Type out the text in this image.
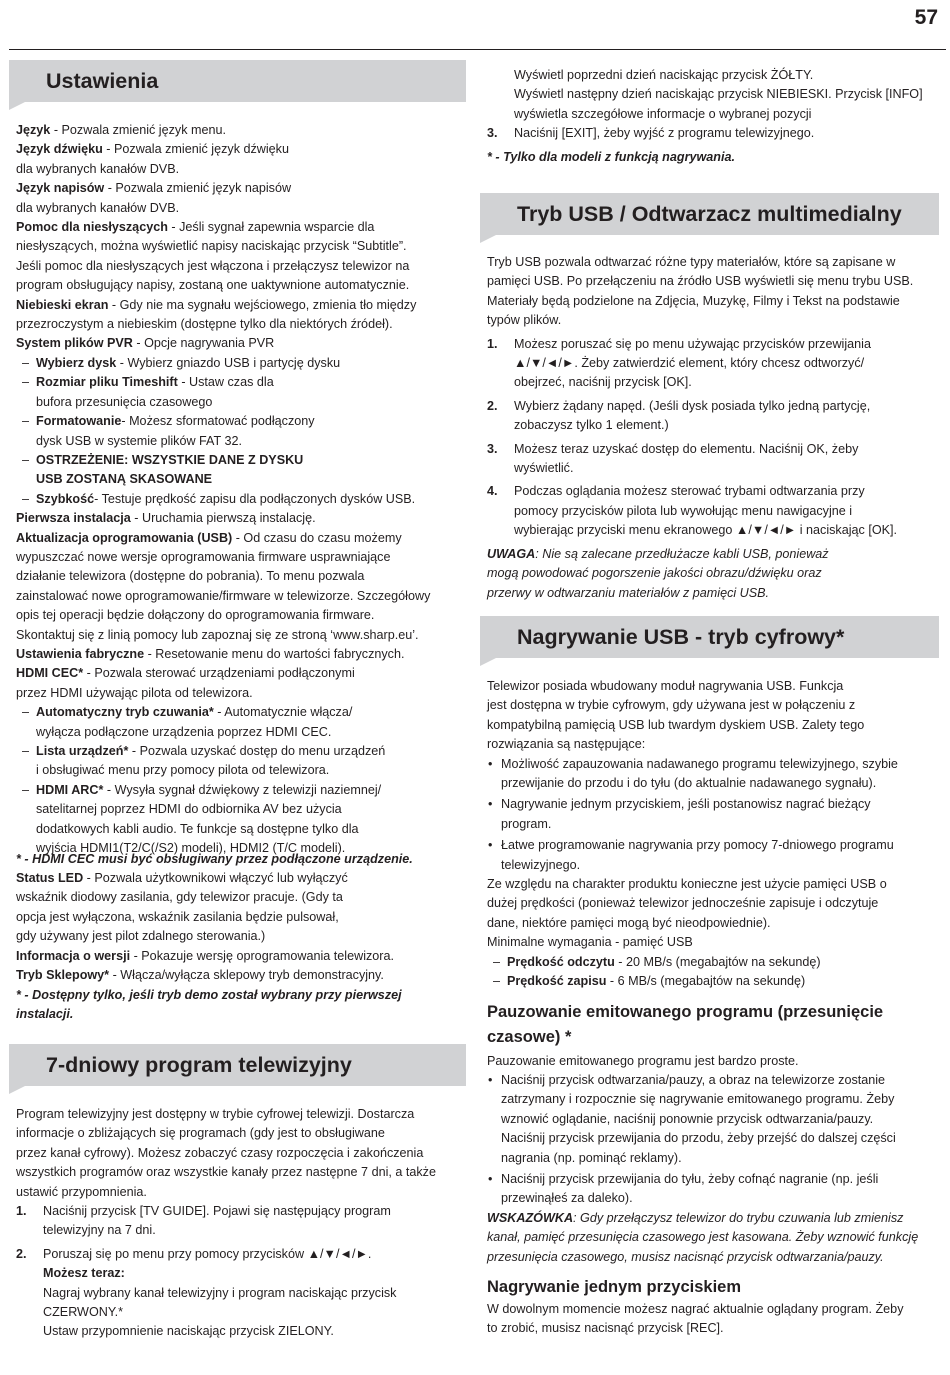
57
Ustawienia

Język - Pozwala zmienić język menu.

Język dźwięku - Pozwala zmienić język dźwięku

dla wybranych kanałów DVB.

Język napisów - Pozwala zmienić język napisów

dla wybranych kanałów DVB.

Pomoc dla niesłyszących - Jeśli sygnał zapewnia wsparcie dla

niesłyszących, można wyświetlić napisy naciskając przycisk “Subtitle”.

Jeśli pomoc dla niesłyszących jest włączona i przełączysz telewizor na

program obsługujący napisy, zostaną one uaktywnione automatycznie.

Niebieski ekran - Gdy nie ma sygnału wejściowego, zmienia tło między

przezroczystym a niebieskim (dostępne tylko dla niektórych źródeł).

System plików PVR - Opcje nagrywania PVR

– Wybierz dysk - Wybierz gniazdo USB i partycję dysku

– Rozmiar pliku Timeshift - Ustaw czas dla

bufora przesunięcia czasowego

– Formatowanie- Możesz sformatować podłączony

dysk USB w systemie plików FAT 32.

– OSTRZEŻENIE: WSZYSTKIE DANE Z DYSKU

USB ZOSTANĄ SKASOWANE

– Szybkość- Testuje prędkość zapisu dla podłączonych dysków USB.

Pierwsza instalacja - Uruchamia pierwszą instalację.

Aktualizacja oprogramowania (USB) - Od czasu do czasu możemy

wypuszczać nowe wersje oprogramowania firmware usprawniające

działanie telewizora (dostępne do pobrania). To menu pozwala

zainstalować nowe oprogramowanie/firmware w telewizorze. Szczegółowy

opis tej operacji będzie dołączony do oprogramowania firmware.

Skontaktuj się z linią pomocy lub zapoznaj się ze stroną ‘www.sharp.eu’.

Ustawienia fabryczne - Resetowanie menu do wartości fabrycznych.

HDMI CEC* - Pozwala sterować urządzeniami podłączonymi

przez HDMI używając pilota od telewizora.

– Automatyczny tryb czuwania* - Automatycznie włącza/

wyłącza podłączone urządzenia poprzez HDMI CEC.

– Lista urządzeń* - Pozwala uzyskać dostęp do menu urządzeń

i obsługiwać menu przy pomocy pilota od telewizora.

– HDMI ARC* - Wysyła sygnał dźwiękowy z telewizji naziemnej/

satelitarnej poprzez HDMI do odbiornika AV bez użycia

dodatkowych kabli audio. Te funkcje są dostępne tylko dla

wyjścia HDMI1(T2/C(/S2) modeli), HDMI2 (T/C modeli).

* - HDMI CEC musi być obsługiwany przez podłączone urządzenie.

Status LED - Pozwala użytkownikowi włączyć lub wyłączyć

wskaźnik diodowy zasilania, gdy telewizor pracuje. (Gdy ta

opcja jest wyłączona, wskaźnik zasilania będzie pulsował,

gdy używany jest pilot zdalnego sterowania.)

Informacja o wersji - Pokazuje wersję oprogramowania telewizora.

Tryb Sklepowy* - Włącza/wyłącza sklepowy tryb demonstracyjny.

* - Dostępny tylko, jeśli tryb demo został wybrany przy pierwszej

instalacji.

7-dniowy program telewizyjny

Program telewizyjny jest dostępny w trybie cyfrowej telewizji. Dostarcza

informacje o zbliżających się programach (gdy jest to obsługiwane

przez kanał cyfrowy). Możesz zobaczyć czasy rozpoczęcia i zakończenia

wszystkich programów oraz wszystkie kanały przez następne 7 dni, a także

ustawić przypomnienia.

1. Naciśnij przycisk [TV GUIDE]. Pojawi się następujący program

telewizyjny na 7 dni.

2. Poruszaj się po menu przy pomocy przycisków ▲/▼/◄/►.

Możesz teraz:

Nagraj wybrany kanał telewizyjny i program naciskając przycisk

CZERWONY.*

Ustaw przypomnienie naciskając przycisk ZIELONY.

Wyświetl poprzedni dzień naciskając przycisk ŻÓŁTY.

Wyświetl następny dzień naciskając przycisk NIEBIESKI. Przycisk [INFO]

wyświetla szczegółowe informacje o wybranej pozycji

3. Naciśnij [EXIT], żeby wyjść z programu telewizyjnego.

* - Tylko dla modeli z funkcją nagrywania.

Tryb USB / Odtwarzacz multimedialny

Tryb USB pozwala odtwarzać różne typy materiałów, które są zapisane w

pamięci USB. Po przełączeniu na źródło USB wyświetli się menu trybu USB.

Materiały będą podzielone na Zdjęcia, Muzykę, Filmy i Tekst na podstawie

typów plików.

1. Możesz poruszać się po menu używając przycisków przewijania

▲/▼/◄/►. Żeby zatwierdzić element, który chcesz odtworzyć/

obejrzeć, naciśnij przycisk [OK].

2. Wybierz żądany napęd. (Jeśli dysk posiada tylko jedną partycję,

zobaczysz tylko 1 element.)

3. Możesz teraz uzyskać dostęp do elementu. Naciśnij OK, żeby

wyświetlić.

4. Podczas oglądania możesz sterować trybami odtwarzania przy

pomocy przycisków pilota lub wywołując menu nawigacyjne i

wybierając przyciski menu ekranowego ▲/▼/◄/► i naciskając [OK].

UWAGA: Nie są zalecane przedłużacze kabli USB, ponieważ

mogą powodować pogorszenie jakości obrazu/dźwięku oraz

przerwy w odtwarzaniu materiałów z pamięci USB.

Nagrywanie USB - tryb cyfrowy*

Telewizor posiada wbudowany moduł nagrywania USB. Funkcja

jest dostępna w trybie cyfrowym, gdy używana jest w połączeniu z

kompatybilną pamięcią USB lub twardym dyskiem USB. Zalety tego

rozwiązania są następujące:

• Możliwość zapauzowania nadawanego programu telewizyjnego, szybie

przewijanie do przodu i do tyłu (do aktualnie nadawanego sygnału).

• Nagrywanie jednym przyciskiem, jeśli postanowisz nagrać bieżący

program.

• Łatwe programowanie nagrywania przy pomocy 7-dniowego programu

telewizyjnego.

Ze względu na charakter produktu konieczne jest użycie pamięci USB o

dużej prędkości (ponieważ telewizor jednocześnie zapisuje i odczytuje

dane, niektóre pamięci mogą być nieodpowiednie).

Minimalne wymagania - pamięć USB

– Prędkość odczytu - 20 MB/s (megabajtów na sekundę)

– Prędkość zapisu - 6 MB/s (megabajtów na sekundę)

Pauzowanie emitowanego programu (przesunięcie

czasowe) *

Pauzowanie emitowanego programu jest bardzo proste.

• Naciśnij przycisk odtwarzania/pauzy, a obraz na telewizorze zostanie

zatrzymany i rozpocznie się nagrywanie emitowanego programu. Żeby

wznowić oglądanie, naciśnij ponownie przycisk odtwarzania/pauzy.

Naciśnij przycisk przewijania do przodu, żeby przejść do dalszej części

nagrania (np. pominąć reklamy).

• Naciśnij przycisk przewijania do tyłu, żeby cofnąć nagranie (np. jeśli

przewinąłeś za daleko).

WSKAZÓWKA: Gdy przełączysz telewizor do trybu czuwania lub zmienisz

kanał, pamięć przesunięcia czasowego jest kasowana. Żeby wznowić funkcję

przesunięcia czasowego, musisz nacisnąć przycisk odtwarzania/pauzy.

Nagrywanie jednym przyciskiem

W dowolnym momencie możesz nagrać aktualnie oglądany program. Żeby

to zrobić, musisz nacisnąć przycisk [REC].
